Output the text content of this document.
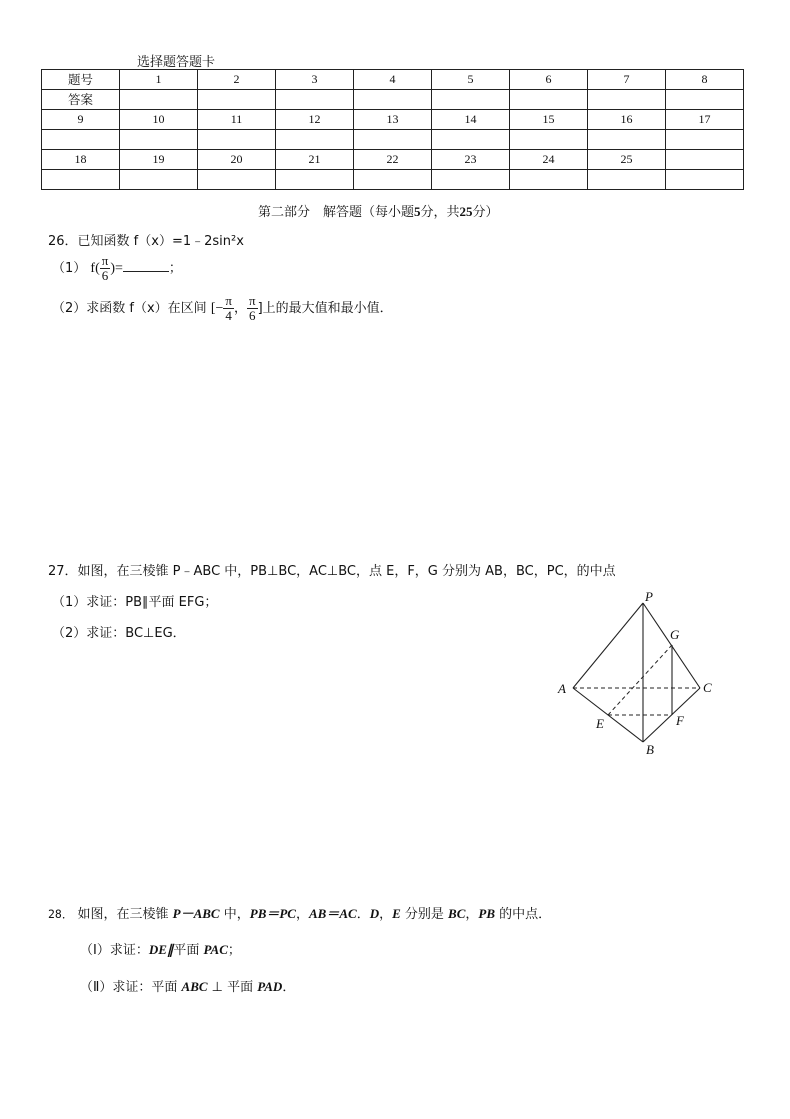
选择题答题卡
题号	1	2	3	4	5	6	7	8
答案								
9	10	11	12	13	14	15	16	17

18	19	20	21	22	23	24	25	

第二部分　解答题（每小题5分，共25分）
26．已知函数 f（x）=1﹣2sin²x
（1） $f( \frac{\pi}{6}$ )=	；
（2）求函数 f（x）在区间 [− $\frac{\pi}{4}$ ， $\frac{\pi}{6}$ ]上的最大值和最小值．
27．如图，在三棱锥 P﹣ABC 中，PB⊥BC，AC⊥BC，点 E，F，G 分别为 AB，BC，PC，的中点
（1）求证：PB∥平面 EFG；
（2）求证：BC⊥EG．
P
G
A	C
E	F
B
28． 如图，在三棱锥 P－ABC 中，PB＝PC，AB＝AC．D，E 分别是 BC，PB 的中点．
（Ⅰ）求证：DE∥平面 PAC；
（Ⅱ）求证：平面 ABC ⊥ 平面 PAD．
